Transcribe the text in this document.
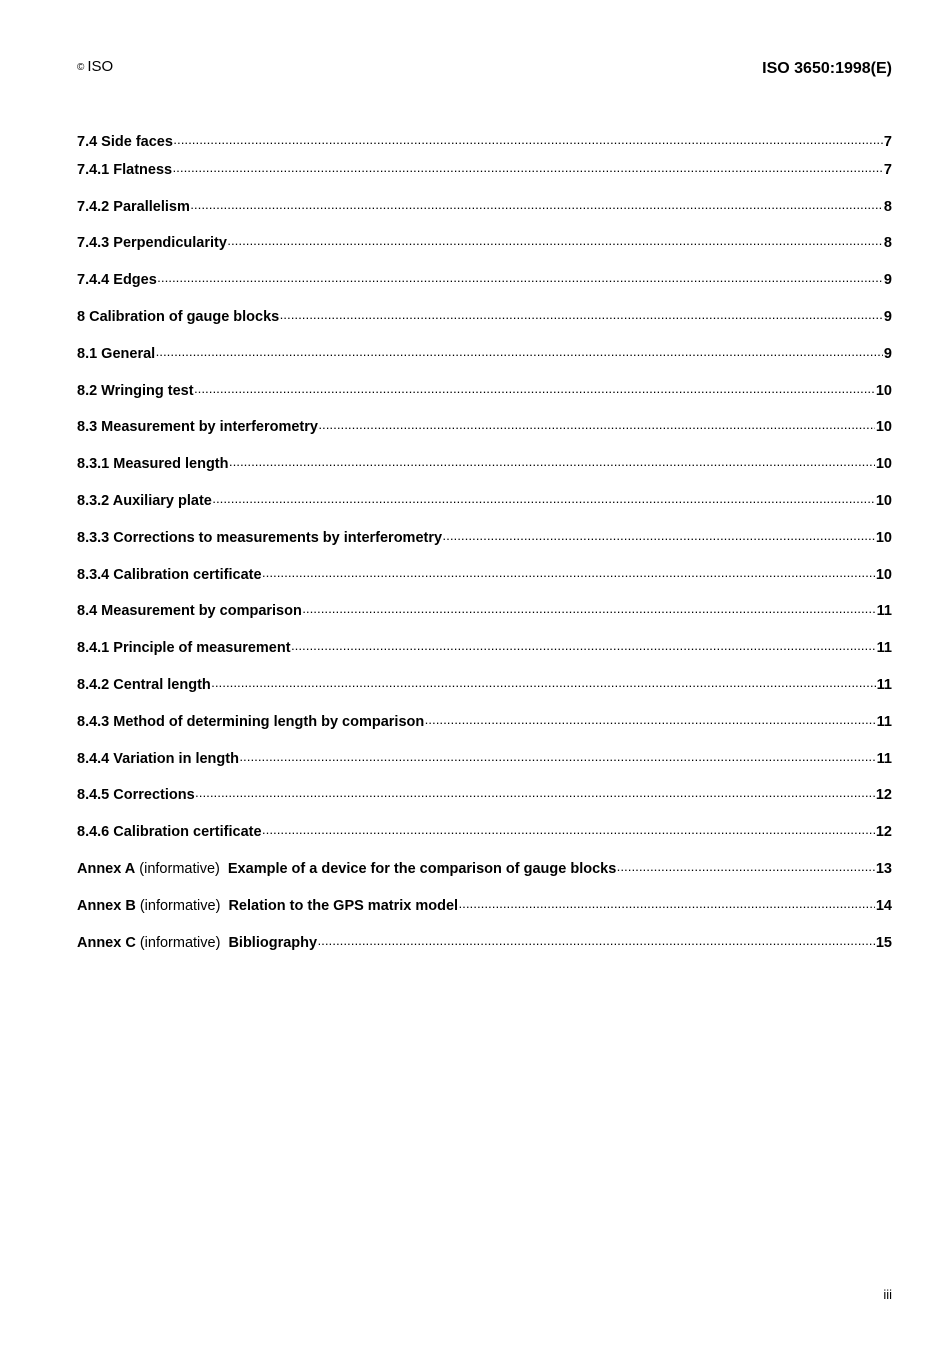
© ISO	ISO 3650:1998(E)
7.4 Side faces .....	7
7.4.1 Flatness .....	7
7.4.2 Parallelism .....	8
7.4.3 Perpendicularity .....	8
7.4.4 Edges .....	9
8 Calibration of gauge blocks .....	9
8.1 General .....	9
8.2 Wringing test .....	10
8.3 Measurement by interferometry .....	10
8.3.1 Measured length .....	10
8.3.2 Auxiliary plate .....	10
8.3.3 Corrections to measurements by interferometry .....	10
8.3.4 Calibration certificate .....	10
8.4 Measurement by comparison .....	11
8.4.1 Principle of measurement .....	11
8.4.2 Central length .....	11
8.4.3 Method of determining length by comparison .....	11
8.4.4 Variation in length .....	11
8.4.5 Corrections .....	12
8.4.6 Calibration certificate .....	12
Annex A (informative) Example of a device for the comparison of gauge blocks .....	13
Annex B (informative) Relation to the GPS matrix model .....	14
Annex C (informative) Bibliography .....	15
iii
